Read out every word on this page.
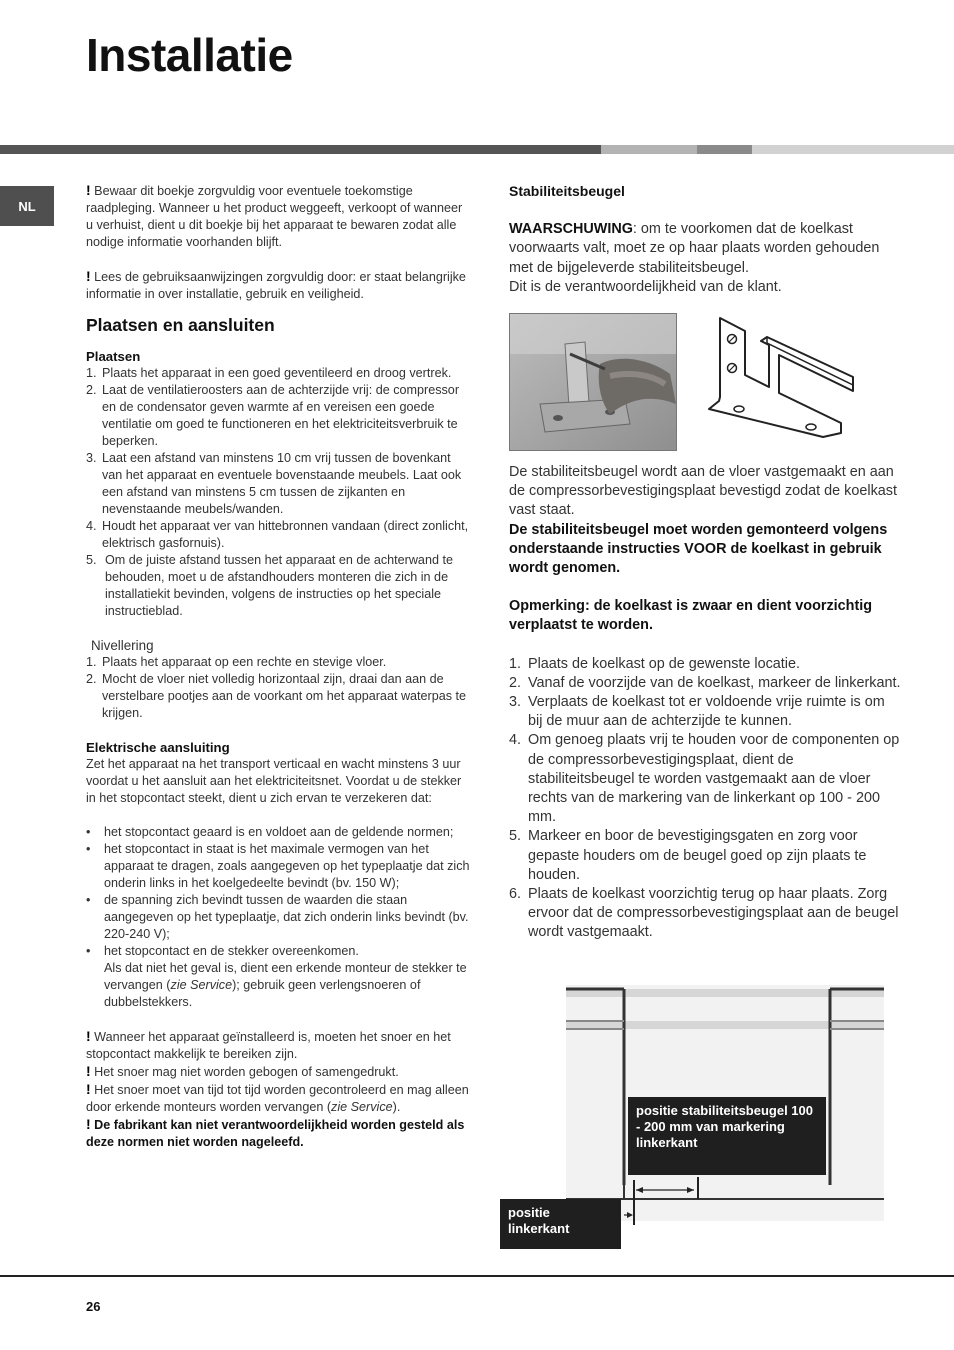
Installatie
NL

! Bewaar dit boekje zorgvuldig voor eventuele toekomstige raadpleging. Wanneer u het product weggeeft, verkoopt of wanneer u verhuist, dient u dit boekje bij het apparaat te bewaren zodat alle nodige informatie voorhanden blijft.

! Lees de gebruiksaanwijzingen zorgvuldig door: er staat belangrijke informatie in over installatie, gebruik en veiligheid.

Plaatsen en aansluiten
Plaatsen
1. Plaats het apparaat in een goed geventileerd en droog vertrek.
2. Laat de ventilatieroosters aan de achterzijde vrij: de compressor en de condensator geven warmte af en vereisen een goede ventilatie om goed te functioneren en het elektriciteitsverbruik te beperken.
3. Laat een afstand van minstens 10 cm vrij tussen de bovenkant van het apparaat en eventuele bovenstaande meubels. Laat ook een afstand van minstens 5 cm tussen de zijkanten en nevenstaande meubels/wanden.
4. Houdt het apparaat ver van hittebronnen vandaan (direct zonlicht, elektrisch gasfornuis).
5. Om de juiste afstand tussen het apparaat en de achterwand te behouden, moet u de afstandhouders monteren die zich in de installatiekit bevinden, volgens de instructies op het speciale instructieblad.

Nivellering

1. Plaats het apparaat op een rechte en stevige vloer.
2. Mocht de vloer niet volledig horizontaal zijn, draai dan aan de verstelbare pootjes aan de voorkant om het apparaat waterpas te krijgen.
Elektrische aansluiting

Zet het apparaat na het transport verticaal en wacht minstens 3 uur voordat u het aansluit aan het elektriciteitsnet. Voordat u de stekker in het stopcontact steekt, dient u zich ervan te verzekeren dat:

•	het stopcontact geaard is en voldoet aan de geldende normen;
•	het stopcontact in staat is het maximale vermogen van het apparaat te dragen, zoals aangegeven op het typeplaatje dat zich onderin links in het koelgedeelte bevindt (bv. 150 W);
•	de spanning zich bevindt tussen de waarden die staan aangegeven op het typeplaatje, dat zich onderin links bevindt (bv. 220-240 V);
•	het stopcontact en de stekker overeenkomen.
Als dat niet het geval is, dient een erkende monteur de stekker te vervangen (zie Service); gebruik geen verlengsnoeren of dubbelstekkers.

! Wanneer het apparaat geïnstalleerd is, moeten het snoer en het stopcontact makkelijk te bereiken zijn.

! Het snoer mag niet worden gebogen of samengedrukt.

! Het snoer moet van tijd tot tijd worden gecontroleerd en mag alleen door erkende monteurs worden vervangen (zie Service).

! De fabrikant kan niet verantwoordelijkheid worden gesteld als deze normen niet worden nageleefd.

Stabiliteitsbeugel

WAARSCHUWING: om te voorkomen dat de koelkast voorwaarts valt, moet ze op haar plaats worden gehouden met de bijgeleverde stabiliteitsbeugel.

Dit is de verantwoordelijkheid van de klant.

De stabiliteitsbeugel wordt aan de vloer vastgemaakt en aan de compressorbevestigingsplaat bevestigd zodat de koelkast vast staat.

De stabiliteitsbeugel moet worden gemonteerd volgens onderstaande instructies VOOR de koelkast in gebruik wordt genomen.

Opmerking: de koelkast is zwaar en dient voorzichtig verplaatst te worden.

1. Plaats de koelkast op de gewenste locatie.
2. Vanaf de voorzijde van de koelkast, markeer de linkerkant.
3. Verplaats de koelkast tot er voldoende vrije ruimte is om bij de muur aan de achterzijde te kunnen.
4. Om genoeg plaats vrij te houden voor de componenten op de compressorbevestigingsplaat, dient de stabiliteitsbeugel te worden vastgemaakt aan de vloer rechts van de markering van de linkerkant op 100 - 200 mm.
5. Markeer en boor de bevestigingsgaten en zorg voor gepaste houders om de beugel goed op zijn plaats te houden.
6. Plaats de koelkast voorzichtig terug op haar plaats. Zorg ervoor dat de compressorbevestigingsplaat aan de beugel wordt vastgemaakt.
positie stabiliteitsbeugel 100 - 200 mm van markering linkerkant
positie linkerkant
26
